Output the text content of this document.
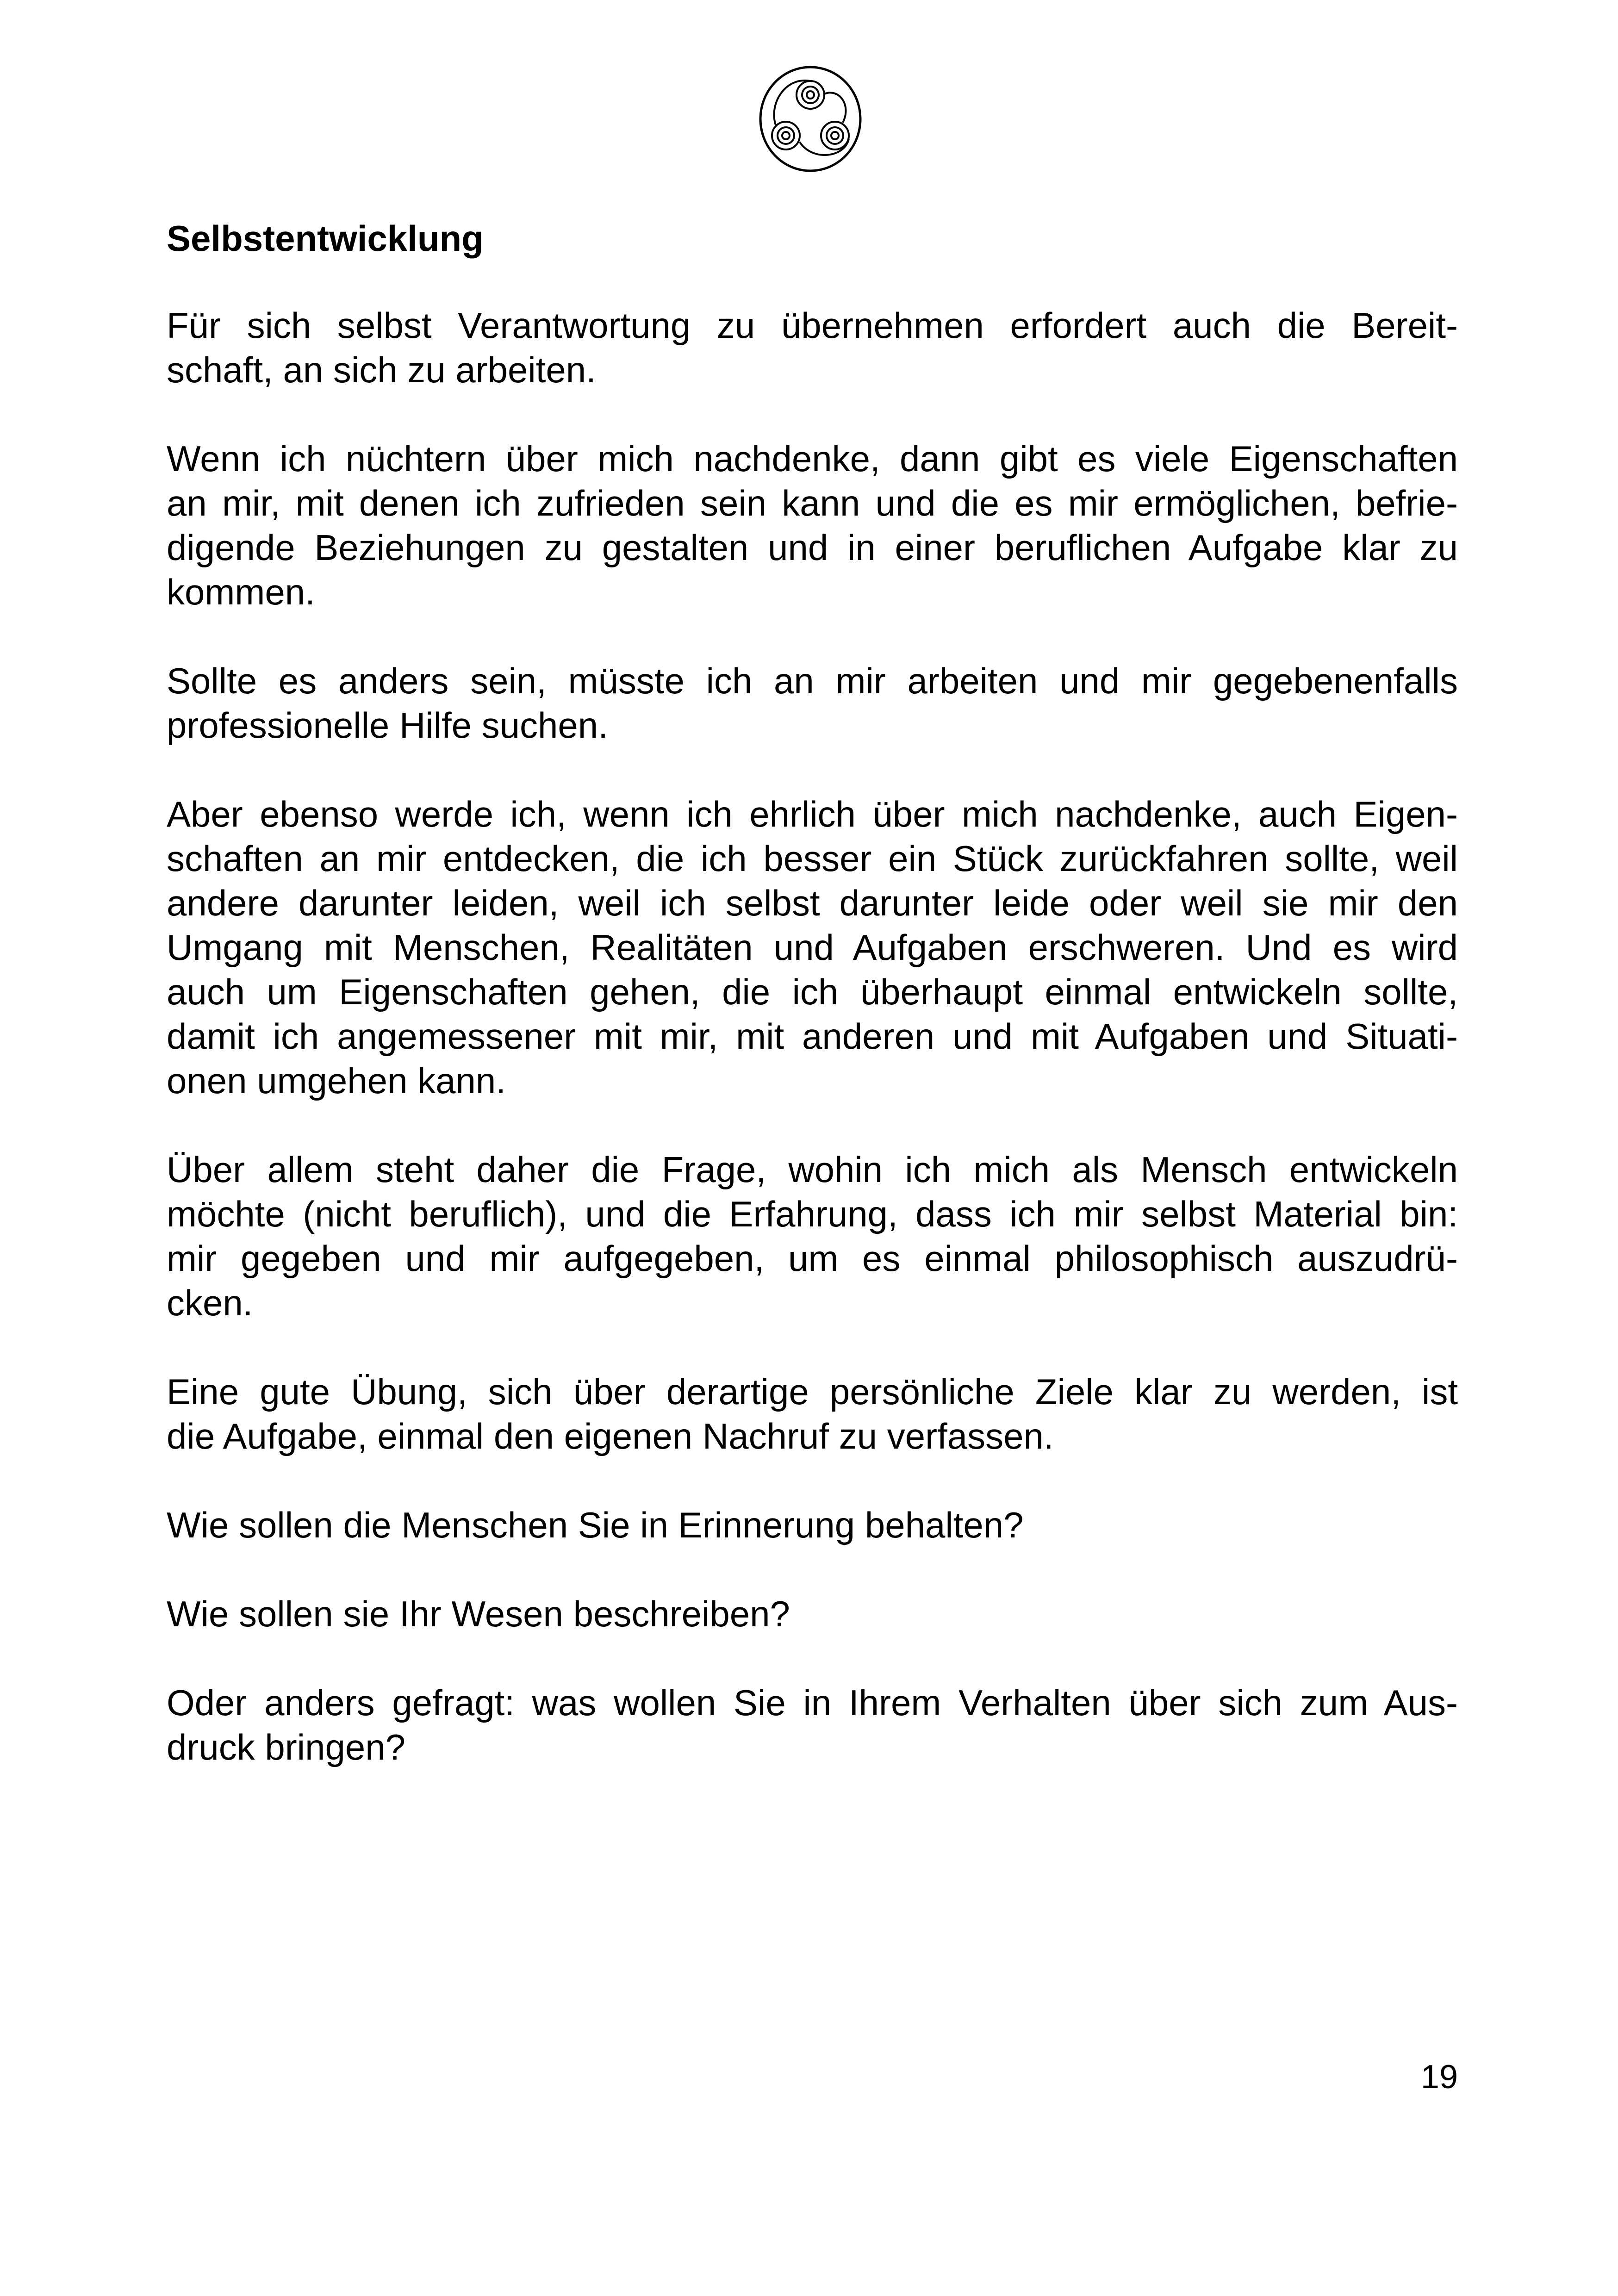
Selbstentwicklung
Für sich selbst Verantwortung zu übernehmen erfordert auch die Bereit-
schaft, an sich zu arbeiten.
Wenn ich nüchtern über mich nachdenke, dann gibt es viele Eigenschaften
an mir, mit denen ich zufrieden sein kann und die es mir ermöglichen, befrie-
digende Beziehungen zu gestalten und in einer beruflichen Aufgabe klar zu
kommen.
Sollte es anders sein, müsste ich an mir arbeiten und mir gegebenenfalls
professionelle Hilfe suchen.
Aber ebenso werde ich, wenn ich ehrlich über mich nachdenke, auch Eigen-
schaften an mir entdecken, die ich besser ein Stück zurückfahren sollte, weil
andere darunter leiden, weil ich selbst darunter leide oder weil sie mir den
Umgang mit Menschen, Realitäten und Aufgaben erschweren. Und es wird
auch um Eigenschaften gehen, die ich überhaupt einmal entwickeln sollte,
damit ich angemessener mit mir, mit anderen und mit Aufgaben und Situati-
onen umgehen kann.
Über allem steht daher die Frage, wohin ich mich als Mensch entwickeln
möchte (nicht beruflich), und die Erfahrung, dass ich mir selbst Material bin:
mir gegeben und mir aufgegeben, um es einmal philosophisch auszudrü-
cken.
Eine gute Übung, sich über derartige persönliche Ziele klar zu werden, ist
die Aufgabe, einmal den eigenen Nachruf zu verfassen.
Wie sollen die Menschen Sie in Erinnerung behalten?
Wie sollen sie Ihr Wesen beschreiben?
Oder anders gefragt: was wollen Sie in Ihrem Verhalten über sich zum Aus-
druck bringen?
19
